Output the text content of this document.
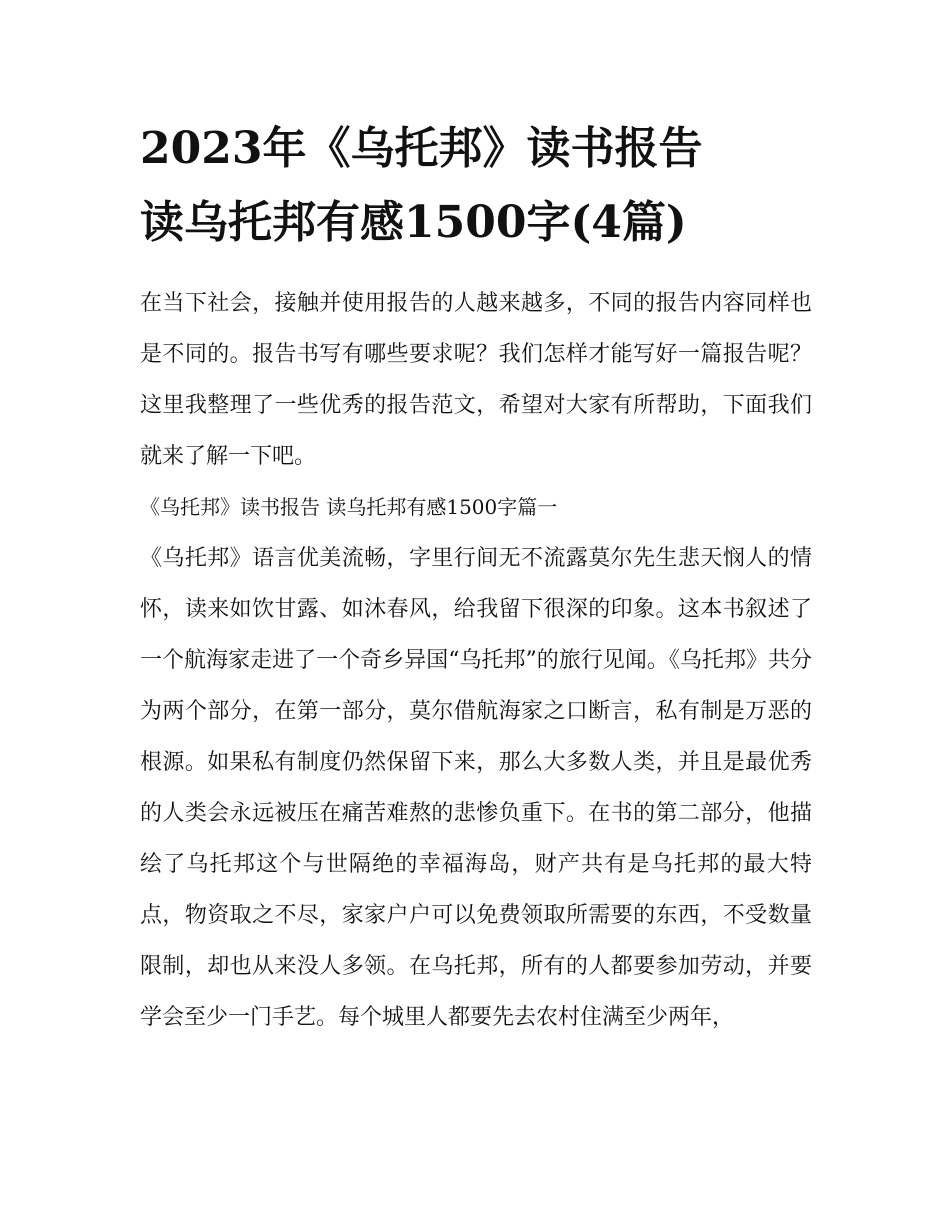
2023年《乌托邦》读书报告
读乌托邦有感1500字(4篇)

在当下社会，接触并使用报告的人越来越多，不同的报告内容同样也是不同的。报告书写有哪些要求呢？我们怎样才能写好一篇报告呢？这里我整理了一些优秀的报告范文，希望对大家有所帮助，下面我们就来了解一下吧。

《乌托邦》读书报告 读乌托邦有感1500字篇一

《乌托邦》语言优美流畅，字里行间无不流露莫尔先生悲天悯人的情怀，读来如饮甘露、如沐春风，给我留下很深的印象。这本书叙述了一个航海家走进了一个奇乡异国“乌托邦”的旅行见闻。《乌托邦》共分为两个部分，在第一部分，莫尔借航海家之口断言，私有制是万恶的根源。如果私有制度仍然保留下来，那么大多数人类，并且是最优秀的人类会永远被压在痛苦难熬的悲惨负重下。在书的第二部分，他描绘了乌托邦这个与世隔绝的幸福海岛，财产共有是乌托邦的最大特点，物资取之不尽，家家户户可以免费领取所需要的东西，不受数量限制，却也从来没人多领。在乌托邦，所有的人都要参加劳动，并要学会至少一门手艺。每个城里人都要先去农村住满至少两年，
